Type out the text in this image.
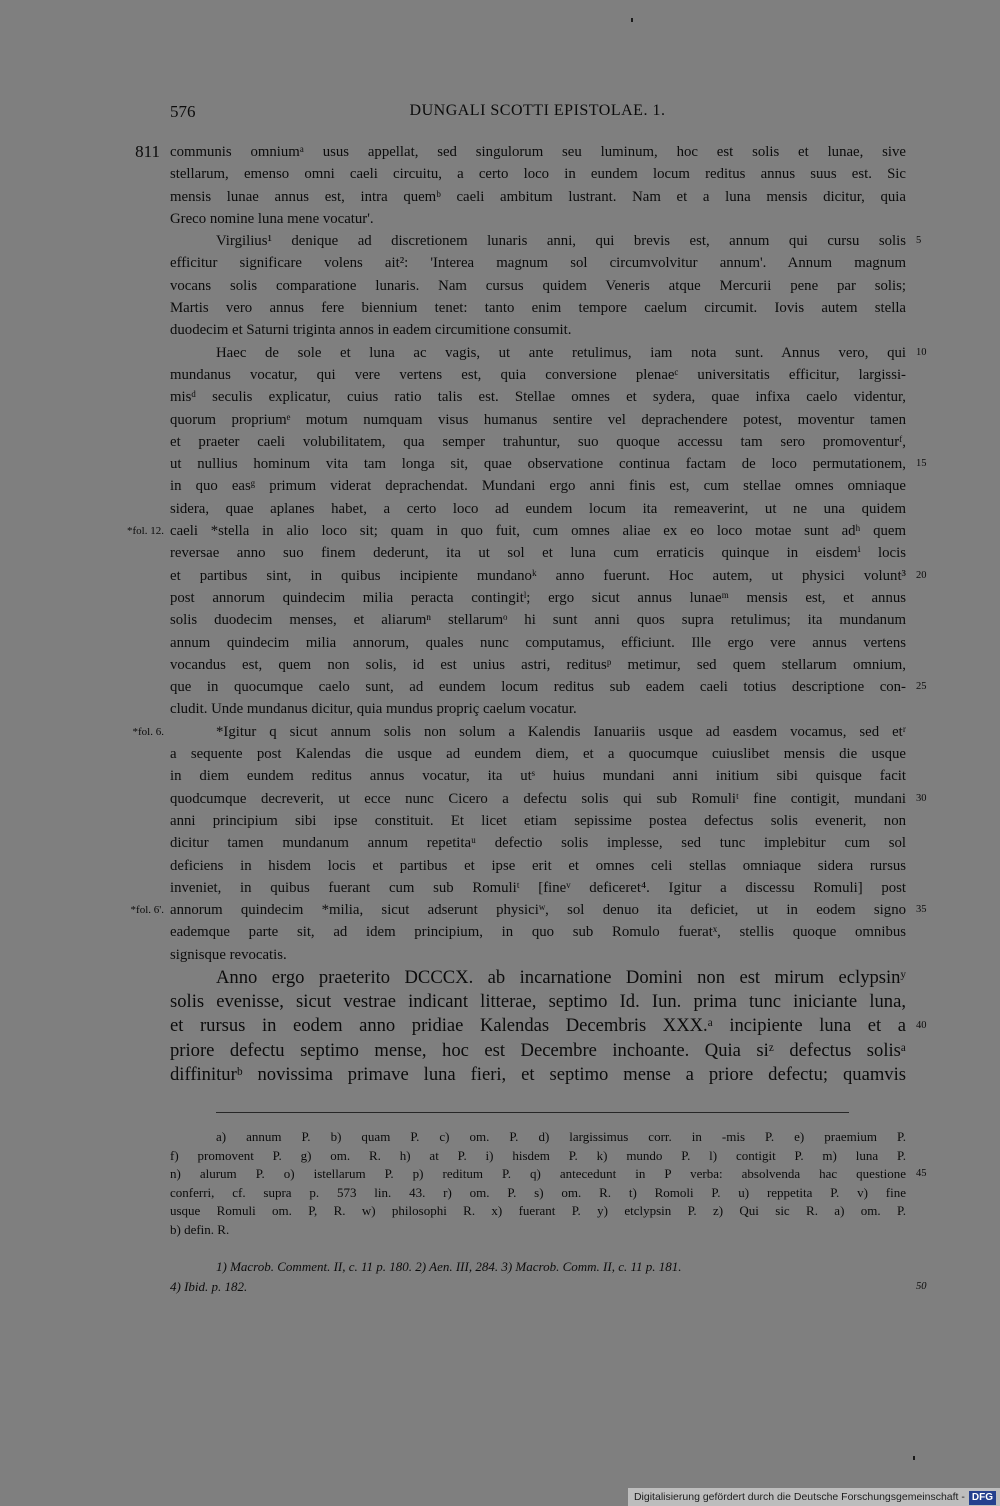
576	DUNGALI SCOTTI EPISTOLAE. 1.
communis omniumᵃ usus appellat, sed singulorum seu luminum, hoc est solis et lunae, sive
811
stellarum, emenso omni caeli circuitu, a certo loco in eundem locum reditus annus suus est. Sic
mensis lunae annus est, intra quemᵇ caeli ambitum lustrant. Nam et a luna mensis dicitur, quia
Greco nomine luna mene vocatur'.
Virgilius¹ denique ad discretionem lunaris anni, qui brevis est, annum qui cursu solis 5
efficitur significare volens ait²: 'Interea magnum sol circumvolvitur annum'. Annum magnum
vocans solis comparatione lunaris. Nam cursus quidem Veneris atque Mercurii pene par solis;
Martis vero annus fere biennium tenet: tanto enim tempore caelum circumit. Iovis autem stella
duodecim et Saturni triginta annos in eadem circumitione consumit.
Haec de sole et luna ac vagis, ut ante retulimus, iam nota sunt. Annus vero, qui 10
mundanus vocatur, qui vere vertens est, quia conversione plenaeᶜ universitatis efficitur, largissi-
misᵈ seculis explicatur, cuius ratio talis est. Stellae omnes et sydera, quae infixa caelo videntur,
quorum propriumᵉ motum numquam visus humanus sentire vel deprachendere potest, moventur tamen
et praeter caeli volubilitatem, qua semper trahuntur, suo quoque accessu tam sero promoventurᶠ,
ut nullius hominum vita tam longa sit, quae observatione continua factam de loco permutationem, 15
in quo easᵍ primum viderat deprachendat. Mundani ergo anni finis est, cum stellae omnes omniaque
sidera, quae aplanes habet, a certo loco ad eundem locum ita remeaverint, ut ne una quidem
caeli *stella in alio loco sit; quam in quo fuit, cum omnes aliae ex eo loco motae sunt adʰ quem
*fol. 12.
reversae anno suo finem dederunt, ita ut sol et luna cum erraticis quinque in eisdemⁱ locis
et partibus sint, in quibus incipiente mundanoᵏ anno fuerunt. Hoc autem, ut physici volunt³ 20
post annorum quindecim milia peracta contingitˡ; ergo sicut annus lunaeᵐ mensis est, et annus
solis duodecim menses, et aliarumⁿ stellarumᵒ hi sunt anni quos supra retulimus; ita mundanum
annum quindecim milia annorum, quales nunc computamus, efficiunt. Ille ergo vere annus vertens
vocandus est, quem non solis, id est unius astri, reditusᵖ metimur, sed quem stellarum omnium,
que in quocumque caelo sunt, ad eundem locum reditus sub eadem caeli totius descriptione con- 25
cludit. Unde mundanus dicitur, quia mundus propriç caelum vocatur.
*Igitur q sicut annum solis non solum a Kalendis Ianuariis usque ad easdem vocamus, sed etʳ
*fol. 6.
a sequente post Kalendas die usque ad eundem diem, et a quocumque cuiuslibet mensis die usque
in diem eundem reditus annus vocatur, ita utˢ huius mundani anni initium sibi quisque facit
quodcumque decreverit, ut ecce nunc Cicero a defectu solis qui sub Romuliᵗ fine contigit, mundani 30
anni principium sibi ipse constituit. Et licet etiam sepissime postea defectus solis evenerit, non
dicitur tamen mundanum annum repetitaᵘ defectio solis implesse, sed tunc implebitur cum sol
deficiens in hisdem locis et partibus et ipse erit et omnes celi stellas omniaque sidera rursus
inveniet, in quibus fuerant cum sub Romuliᵗ [fineᵛ deficeret⁴. Igitur a discessu Romuli] post
annorum quindecim *milia, sicut adserunt physiciʷ, sol denuo ita deficiet, ut in eodem signo
*fol. 6'.	35
eademque parte sit, ad idem principium, in quo sub Romulo fueratˣ, stellis quoque omnibus
signisque revocatis.
Anno ergo praeterito DCCCX. ab incarnatione Domini non est mirum eclypsinʸ
solis evenisse, sicut vestrae indicant litterae, septimo Id. Iun. prima tunc iniciante luna,
et rursus in eodem anno pridiae Kalendas Decembris XXX.ᵃ incipiente luna et a 40
priore defectu septimo mense, hoc est Decembre inchoante. Quia siᶻ defectus solisᵃ
diffiniturᵇ novissima primave luna fieri, et septimo mense a priore defectu; quamvis
a) annum P. b) quam P. c) om. P. d) largissimus corr. in -mis P. e) praemium P.
f) promovent P. g) om. R. h) at P. i) hisdem P. k) mundo P. l) contigit P. m) luna P.
n) alurum P. o) istellarum P. p) reditum P. q) antecedunt in P verba: absolvenda hac questione 45
conferri, cf. supra p. 573 lin. 43. r) om. P. s) om. R. t) Romoli P. u) reppetita P. v) fine
usque Romuli om. P, R. w) philosophi R. x) fuerant P. y) etclypsin P. z) Qui sic R. a) om. P.
b) defin. R.
1) Macrob. Comment. II, c. 11 p. 180. 2) Aen. III, 284. 3) Macrob. Comm. II, c. 11 p. 181.
4) Ibid. p. 182.	50
Digitalisierung gefördert durch die Deutsche Forschungsgemeinschaft - DFG
